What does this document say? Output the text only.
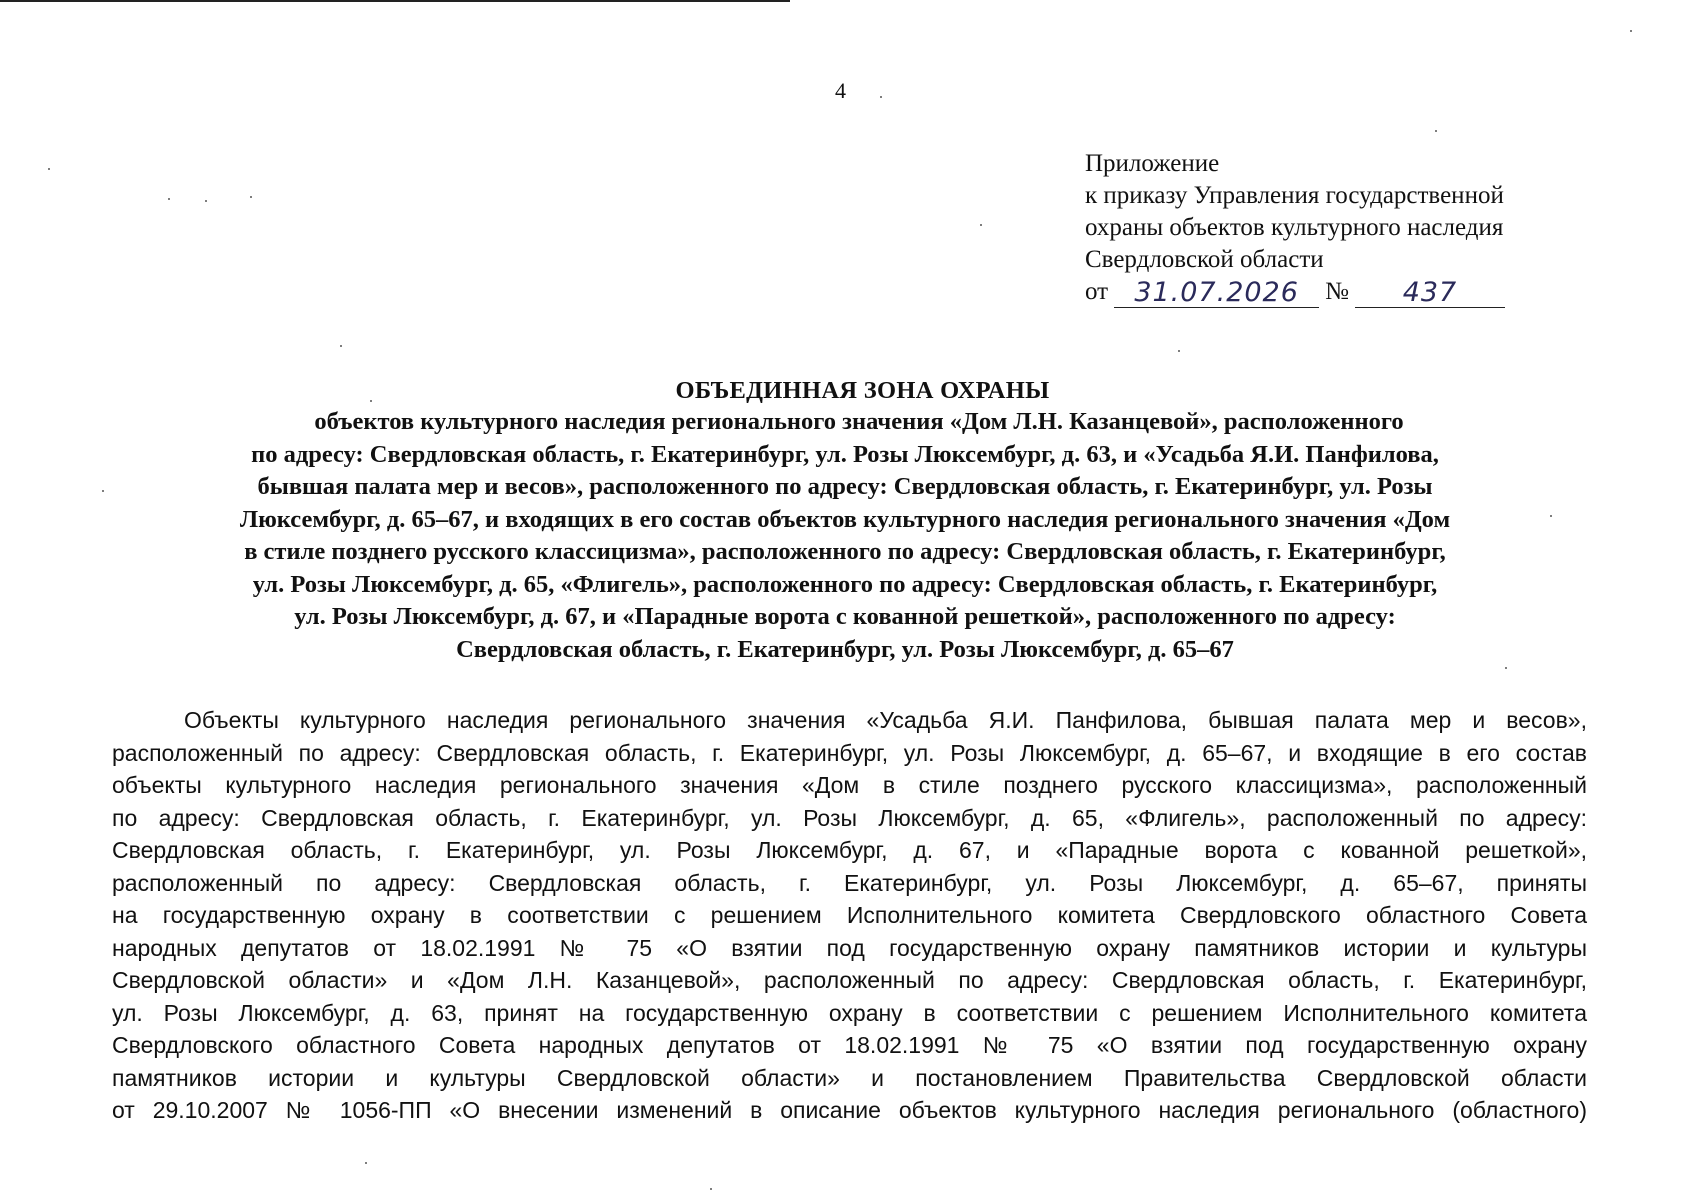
4
Приложение
к приказу Управления государственной
охраны объектов культурного наследия
Свердловской области
от 31.07.2026	№	437
ОБЪЕДИННАЯ ЗОНА ОХРАНЫ
объектов культурного наследия регионального значения «Дом Л.Н. Казанцевой», расположенного
по адресу: Свердловская область, г. Екатеринбург, ул. Розы Люксембург, д. 63, и «Усадьба Я.И. Панфилова,
бывшая палата мер и весов», расположенного по адресу: Свердловская область, г. Екатеринбург, ул. Розы
Люксембург, д. 65–67, и входящих в его состав объектов культурного наследия регионального значения «Дом
в стиле позднего русского классицизма», расположенного по адресу: Свердловская область, г. Екатеринбург,
ул. Розы Люксембург, д. 65, «Флигель», расположенного по адресу: Свердловская область, г. Екатеринбург,
ул. Розы Люксембург, д. 67, и «Парадные ворота с кованной решеткой», расположенного по адресу:
Свердловская область, г. Екатеринбург, ул. Розы Люксембург, д. 65–67
Объекты культурного наследия регионального значения «Усадьба Я.И. Панфилова, бывшая палата мер и весов»,
расположенный по адресу: Свердловская область, г. Екатеринбург, ул. Розы Люксембург, д. 65–67, и входящие в его состав
объекты культурного наследия регионального значения «Дом в стиле позднего русского классицизма», расположенный
по адресу: Свердловская область, г. Екатеринбург, ул. Розы Люксембург, д. 65, «Флигель», расположенный по адресу:
Свердловская область, г. Екатеринбург, ул. Розы Люксембург, д. 67, и «Парадные ворота с кованной решеткой»,
расположенный по адресу: Свердловская область, г. Екатеринбург, ул. Розы Люксембург, д. 65–67, приняты
на государственную охрану в соответствии с решением Исполнительного комитета Свердловского областного Совета
народных депутатов от 18.02.1991 № 75 «О взятии под государственную охрану памятников истории и культуры
Свердловской области» и «Дом Л.Н. Казанцевой», расположенный по адресу: Свердловская область, г. Екатеринбург,
ул. Розы Люксембург, д. 63, принят на государственную охрану в соответствии с решением Исполнительного комитета
Свердловского областного Совета народных депутатов от 18.02.1991 № 75 «О взятии под государственную охрану
памятников истории и культуры Свердловской области» и постановлением Правительства Свердловской области
от 29.10.2007 № 1056-ПП «О внесении изменений в описание объектов культурного наследия регионального (областного)
